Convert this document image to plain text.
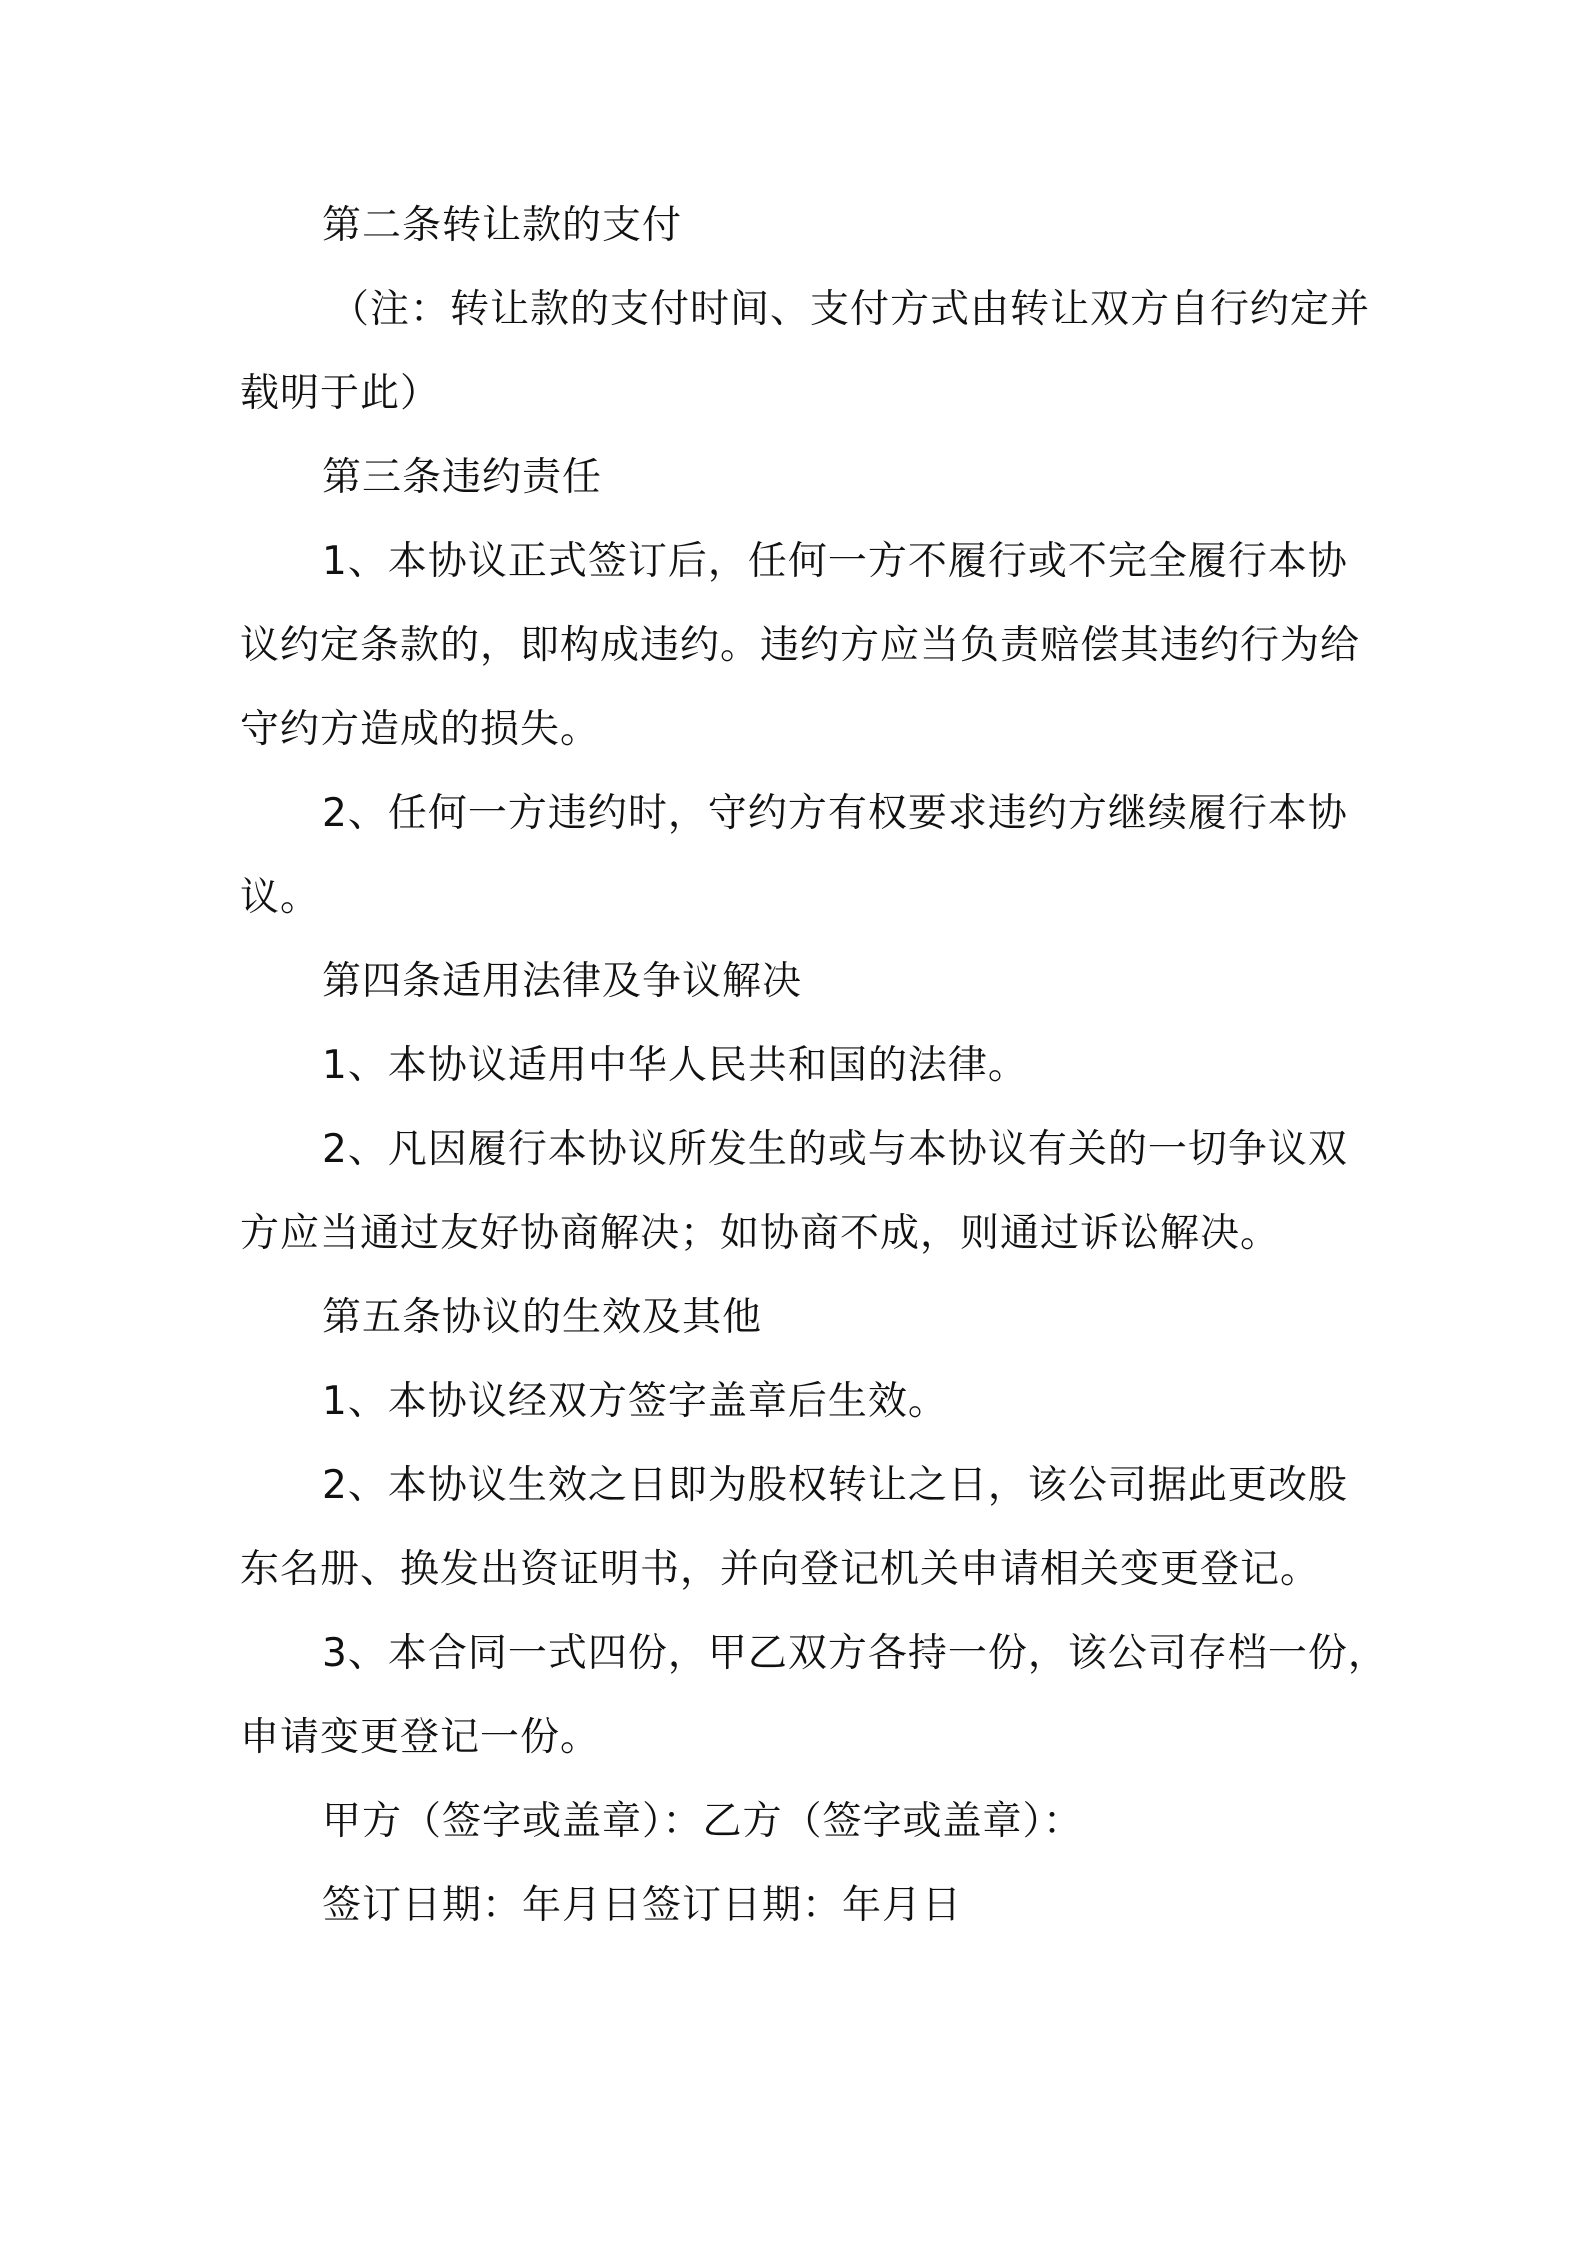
第二条转让款的支付
（注：转让款的支付时间、支付方式由转让双方自行约定并
载明于此）
第三条违约责任
1、本协议正式签订后，任何一方不履行或不完全履行本协
议约定条款的，即构成违约。违约方应当负责赔偿其违约行为给
守约方造成的损失。
2、任何一方违约时，守约方有权要求违约方继续履行本协
议。
第四条适用法律及争议解决
1、本协议适用中华人民共和国的法律。
2、凡因履行本协议所发生的或与本协议有关的一切争议双
方应当通过友好协商解决；如协商不成，则通过诉讼解决。
第五条协议的生效及其他
1、本协议经双方签字盖章后生效。
2、本协议生效之日即为股权转让之日，该公司据此更改股
东名册、换发出资证明书，并向登记机关申请相关变更登记。
3、本合同一式四份，甲乙双方各持一份，该公司存档一份，
申请变更登记一份。
甲方（签字或盖章）：乙方（签字或盖章）：
签订日期：年月日签订日期：年月日
